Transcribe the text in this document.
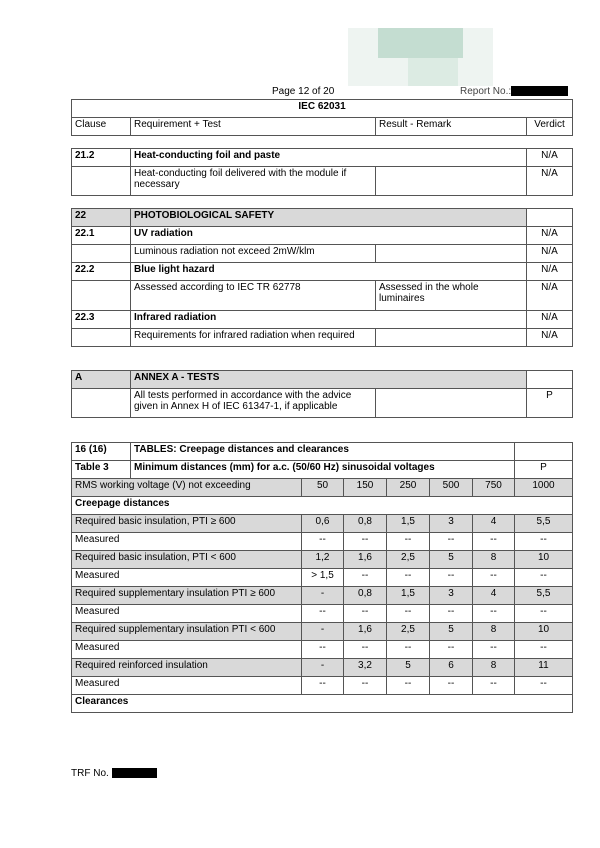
Page 12 of 20	Report No.:
IEC 62031
Clause	Requirement + Test	Result - Remark	Verdict
21.2	Heat-conducting foil and paste		N/A
	Heat-conducting foil delivered with the module if necessary		N/A
22	PHOTOBIOLOGICAL SAFETY		
22.1	UV radiation		N/A
	Luminous radiation not exceed 2mW/klm		N/A
22.2	Blue light hazard		N/A
	Assessed according to IEC TR 62778	Assessed in the whole luminaires	N/A
22.3	Infrared radiation		N/A
	Requirements for infrared radiation when required		N/A
A	ANNEX A - TESTS		
	All tests performed in accordance with the advice given in Annex H of IEC 61347-1, if applicable		P
16 (16)	TABLES: Creepage distances and clearances						
Table 3	Minimum distances (mm) for a.c. (50/60 Hz) sinusoidal voltages						P
RMS working voltage (V) not exceeding		50	150	250	500	750	1000
Creepage distances							
Required basic insulation, PTI ≥ 600		0,6	0,8	1,5	3	4	5,5
Measured		--	--	--	--	--	--
Required basic insulation, PTI < 600		1,2	1,6	2,5	5	8	10
Measured		> 1,5	--	--	--	--	--
Required supplementary insulation PTI ≥ 600		-	0,8	1,5	3	4	5,5
Measured		--	--	--	--	--	--
Required supplementary insulation PTI < 600		-	1,6	2,5	5	8	10
Measured		--	--	--	--	--	--
Required reinforced insulation		-	3,2	5	6	8	11
Measured		--	--	--	--	--	--
Clearances							
TRF No.
